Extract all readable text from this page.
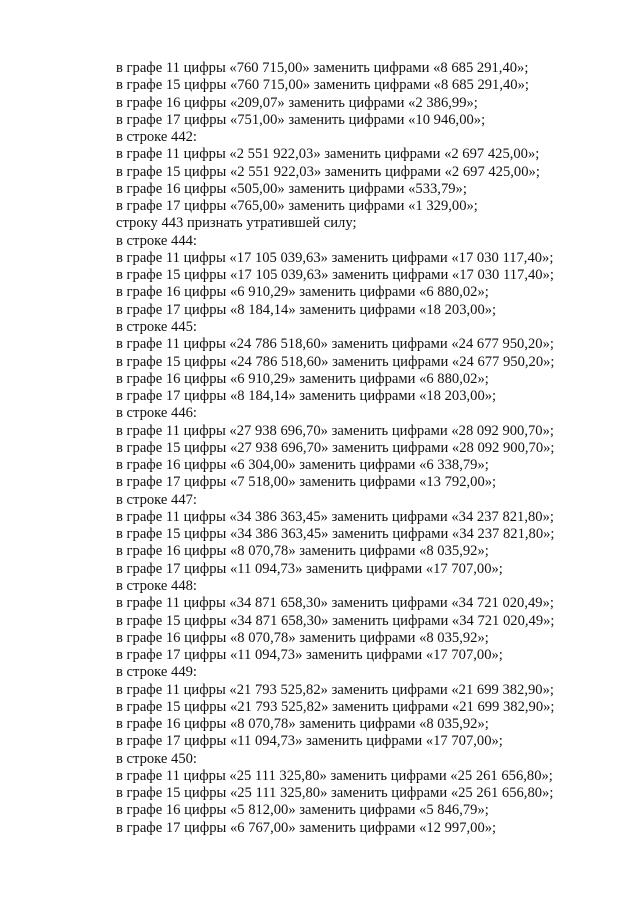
в графе 11 цифры «760 715,00» заменить цифрами «8 685 291,40»;
в графе 15 цифры «760 715,00» заменить цифрами «8 685 291,40»;
в графе 16 цифры «209,07» заменить цифрами «2 386,99»;
в графе 17 цифры «751,00» заменить цифрами «10 946,00»;
в строке 442:
в графе 11 цифры «2 551 922,03» заменить цифрами «2 697 425,00»;
в графе 15 цифры «2 551 922,03» заменить цифрами «2 697 425,00»;
в графе 16 цифры «505,00» заменить цифрами «533,79»;
в графе 17 цифры «765,00» заменить цифрами «1 329,00»;
строку 443 признать утратившей силу;
в строке 444:
в графе 11 цифры «17 105 039,63» заменить цифрами «17 030 117,40»;
в графе 15 цифры «17 105 039,63» заменить цифрами «17 030 117,40»;
в графе 16 цифры «6 910,29» заменить цифрами «6 880,02»;
в графе 17 цифры «8 184,14» заменить цифрами «18 203,00»;
в строке 445:
в графе 11 цифры «24 786 518,60» заменить цифрами «24 677 950,20»;
в графе 15 цифры «24 786 518,60» заменить цифрами «24 677 950,20»;
в графе 16 цифры «6 910,29» заменить цифрами «6 880,02»;
в графе 17 цифры «8 184,14» заменить цифрами «18 203,00»;
в строке 446:
в графе 11 цифры «27 938 696,70» заменить цифрами «28 092 900,70»;
в графе 15 цифры «27 938 696,70» заменить цифрами «28 092 900,70»;
в графе 16 цифры «6 304,00» заменить цифрами «6 338,79»;
в графе 17 цифры «7 518,00» заменить цифрами «13 792,00»;
в строке 447:
в графе 11 цифры «34 386 363,45» заменить цифрами «34 237 821,80»;
в графе 15 цифры «34 386 363,45» заменить цифрами «34 237 821,80»;
в графе 16 цифры «8 070,78» заменить цифрами «8 035,92»;
в графе 17 цифры «11 094,73» заменить цифрами «17 707,00»;
в строке 448:
в графе 11 цифры «34 871 658,30» заменить цифрами «34 721 020,49»;
в графе 15 цифры «34 871 658,30» заменить цифрами «34 721 020,49»;
в графе 16 цифры «8 070,78» заменить цифрами «8 035,92»;
в графе 17 цифры «11 094,73» заменить цифрами «17 707,00»;
в строке 449:
в графе 11 цифры «21 793 525,82» заменить цифрами «21 699 382,90»;
в графе 15 цифры «21 793 525,82» заменить цифрами «21 699 382,90»;
в графе 16 цифры «8 070,78» заменить цифрами «8 035,92»;
в графе 17 цифры «11 094,73» заменить цифрами «17 707,00»;
в строке 450:
в графе 11 цифры «25 111 325,80» заменить цифрами «25 261 656,80»;
в графе 15 цифры «25 111 325,80» заменить цифрами «25 261 656,80»;
в графе 16 цифры «5 812,00» заменить цифрами «5 846,79»;
в графе 17 цифры «6 767,00» заменить цифрами «12 997,00»;
